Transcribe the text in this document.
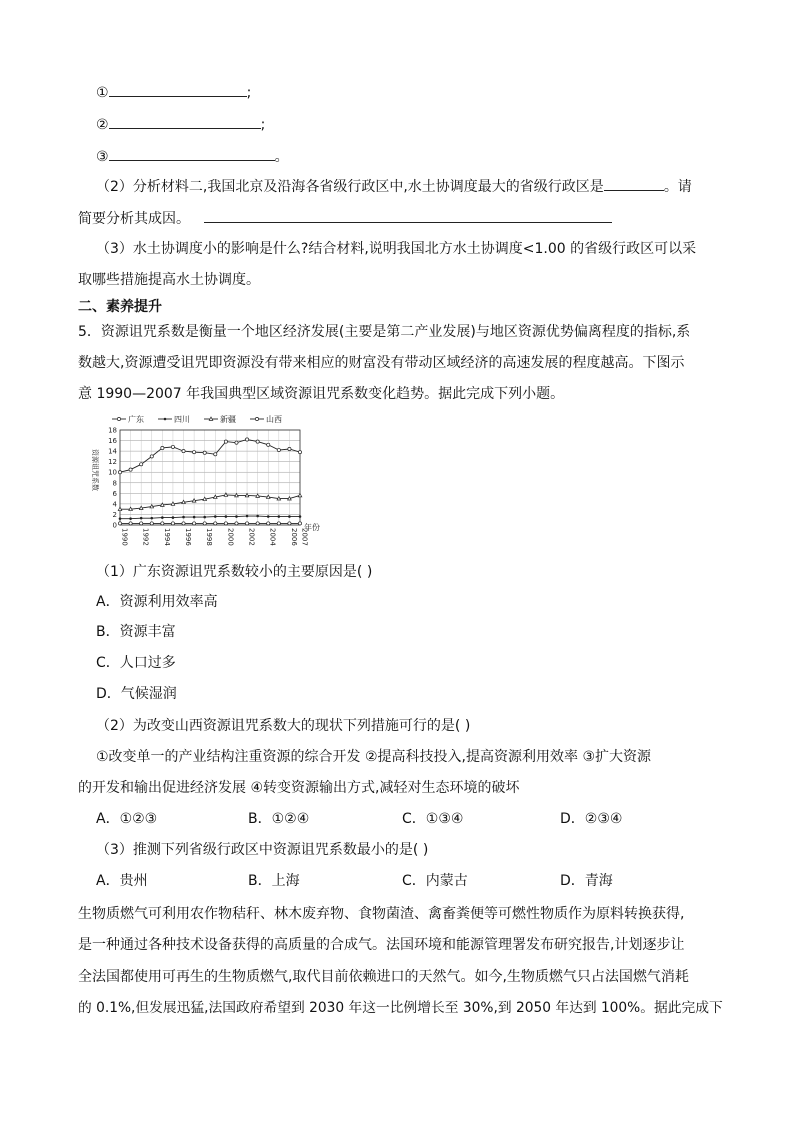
①	;
②	;
③	。
（2）分析材料二,我国北京及沿海各省级行政区中,水土协调度最大的省级行政区是	。请
简要分析其成因。
（3）水土协调度小的影响是什么?结合材料,说明我国北方水土协调度<1.00 的省级行政区可以采
取哪些措施提高水土协调度。
二、素养提升
5．资源诅咒系数是衡量一个地区经济发展(主要是第二产业发展)与地区资源优势偏离程度的指标,系
数越大,资源遭受诅咒即资源没有带来相应的财富没有带动区域经济的高速发展的程度越高。下图示
意 1990—2007 年我国典型区域资源诅咒系数变化趋势。据此完成下列小题。
广东	四川	新疆	山西
0
2
4
6
8
10
12
14
16
18
1990 1992 1994 1996 1998 2000 2002 2004 2006 2007
资源诅咒系数
年份
（1）广东资源诅咒系数较小的主要原因是( )
A．资源利用效率高
B．资源丰富
C．人口过多
D．气候湿润
（2）为改变山西资源诅咒系数大的现状下列措施可行的是( )
①改变单一的产业结构注重资源的综合开发 ②提高科技投入,提高资源利用效率 ③扩大资源
的开发和输出促进经济发展 ④转变资源输出方式,减轻对生态环境的破坏
A．①②③	B．①②④	C．①③④	D．②③④
（3）推测下列省级行政区中资源诅咒系数最小的是( )
A．贵州	B．上海	C．内蒙古	D．青海
生物质燃气可利用农作物秸秆、林木废弃物、食物菌渣、禽畜粪便等可燃性物质作为原料转换获得,
是一种通过各种技术设备获得的高质量的合成气。法国环境和能源管理署发布研究报告,计划逐步让
全法国都使用可再生的生物质燃气,取代目前依赖进口的天然气。如今,生物质燃气只占法国燃气消耗
的 0.1%,但发展迅猛,法国政府希望到 2030 年这一比例增长至 30%,到 2050 年达到 100%。据此完成下
